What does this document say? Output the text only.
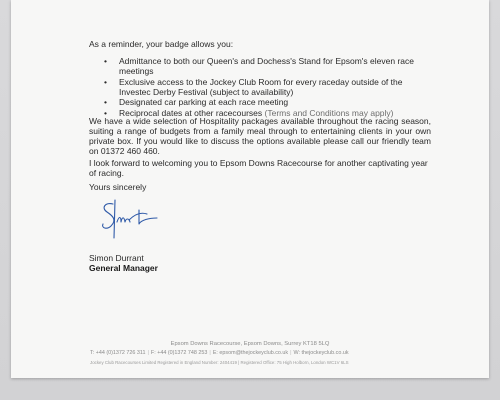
As a reminder, your badge allows you:
• Admittance to both our Queen's and Dochess's Stand for Epsom's eleven race meetings
• Exclusive access to the Jockey Club Room for every raceday outside of the Investec Derby Festival (subject to availability)
• Designated car parking at each race meeting
• Reciprocal dates at other racecourses (Terms and Conditions may apply)
We have a wide selection of Hospitality packages available throughout the racing season, suiting a range of budgets from a family meal through to entertaining clients in your own private box. If you would like to discuss the options available please call our friendly team on 01372 460 460.
I look forward to welcoming you to Epsom Downs Racecourse for another captivating year of racing.
Yours sincerely
Simon Durrant
General Manager
Epsom Downs Racecourse, Epsom Downs, Surrey KT18 5LQ
T: +44 (0)1372 726 311 | F: +44 (0)1372 748 253 | E: epsom@thejockeyclub.co.uk | W: thejockeyclub.co.uk
Jockey Club Racecourses Limited Registered in England Number: 2404419 | Registered Office: 75 High Holborn, London WC1V 6LS
